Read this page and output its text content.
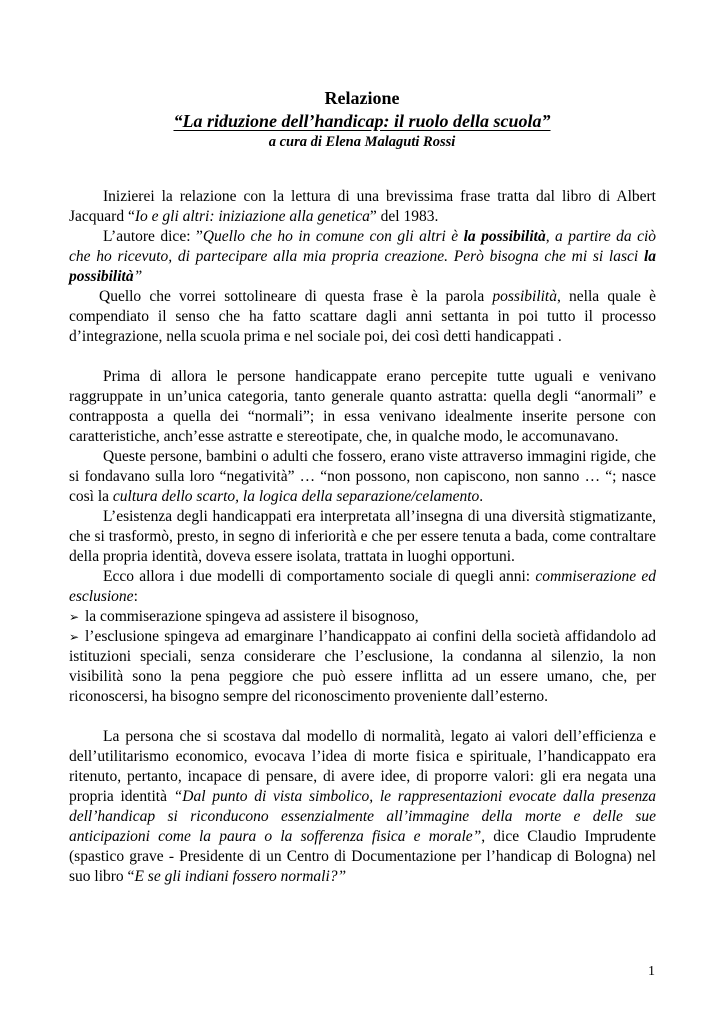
Relazione
“La riduzione dell’handicap: il ruolo della scuola”
a cura di Elena Malaguti Rossi

Inizierei la relazione con la lettura di una brevissima frase tratta dal libro di Albert Jacquard “Io e gli altri: iniziazione alla genetica” del 1983.

L’autore dice: ”Quello che ho in comune con gli altri è la possibilità, a partire da ciò che ho ricevuto, di partecipare alla mia propria creazione. Però bisogna che mi si lasci la possibilità”

Quello che vorrei sottolineare di questa frase è la parola possibilità, nella quale è compendiato il senso che ha fatto scattare dagli anni settanta in poi tutto il processo d’integrazione, nella scuola prima e nel sociale poi, dei così detti handicappati .

Prima di allora le persone handicappate erano percepite tutte uguali e venivano raggruppate in un’unica categoria, tanto generale quanto astratta: quella degli “anormali” e contrapposta a quella dei “normali”; in essa venivano idealmente inserite persone con caratteristiche, anch’esse astratte e stereotipate, che, in qualche modo, le accomunavano.

Queste persone, bambini o adulti che fossero, erano viste attraverso immagini rigide, che si fondavano sulla loro “negatività” … “non possono, non capiscono, non sanno … “; nasce così la cultura dello scarto, la logica della separazione/celamento.

L’esistenza degli handicappati era interpretata all’insegna di una diversità stigmatizante, che si trasformò, presto, in segno di inferiorità e che per essere tenuta a bada, come contraltare della propria identità, doveva essere isolata, trattata in luoghi opportuni.

Ecco allora i due modelli di comportamento sociale di quegli anni: commiserazione ed esclusione:

➢ la commiserazione spingeva ad assistere il bisognoso,

➢ l’esclusione spingeva ad emarginare l’handicappato ai confini della società affidandolo ad istituzioni speciali, senza considerare che l’esclusione, la condanna al silenzio, la non visibilità sono la pena peggiore che può essere inflitta ad un essere umano, che, per riconoscersi, ha bisogno sempre del riconoscimento proveniente dall’esterno.

La persona che si scostava dal modello di normalità, legato ai valori dell’efficienza e dell’utilitarismo economico, evocava l’idea di morte fisica e spirituale, l’handicappato era ritenuto, pertanto, incapace di pensare, di avere idee, di proporre valori: gli era negata una propria identità “Dal punto di vista simbolico, le rappresentazioni evocate dalla presenza dell’handicap si riconducono essenzialmente all’immagine della morte e delle sue anticipazioni come la paura o la sofferenza fisica e morale”, dice Claudio Imprudente (spastico grave - Presidente di un Centro di Documentazione per l’handicap di Bologna) nel suo libro “E se gli indiani fossero normali?”

1
